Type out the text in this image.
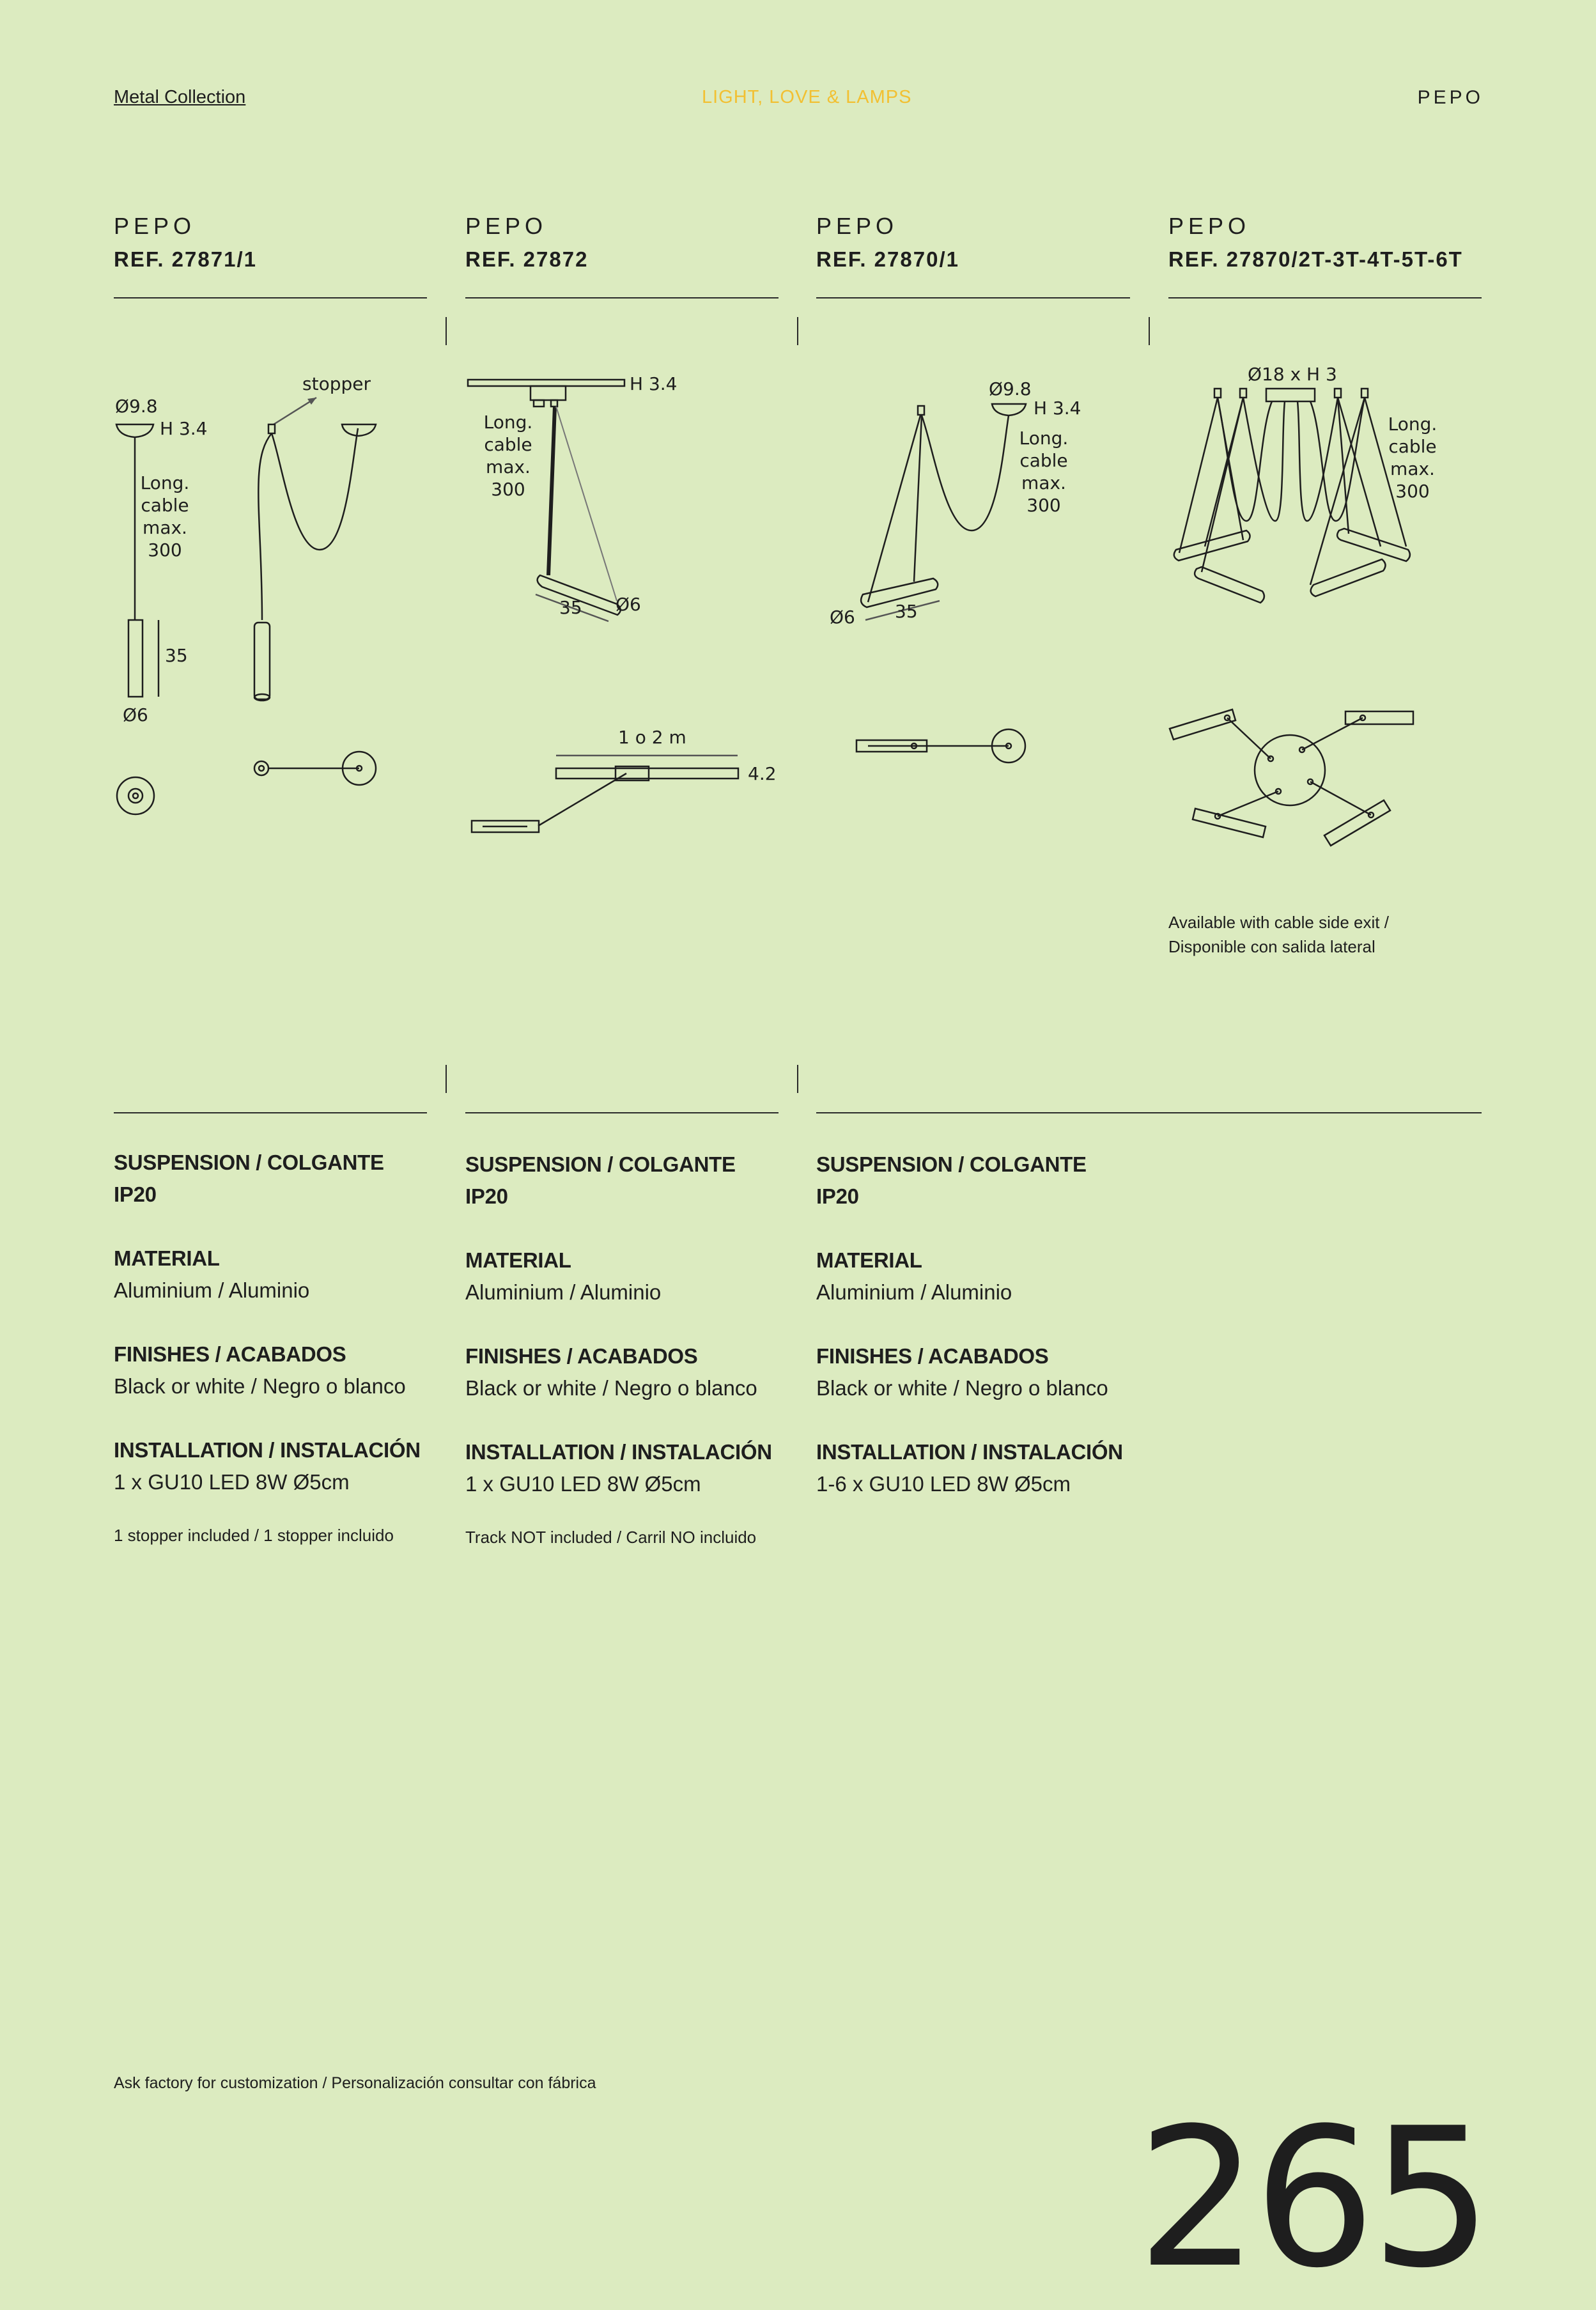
Metal Collection	LIGHT, LOVE & LAMPS	PEPO
PEPO
REF. 27871/1
PEPO
REF. 27872
PEPO
REF. 27870/1
PEPO
REF. 27870/2T-3T-4T-5T-6T
Ø9.8
H 3.4
Long.
cable
max.
300
35
Ø6
stopper	H 3.4
Long.
cable
max.
300
35 Ø6
1 o 2 m
4.2
Ø9.8
H 3.4
35
Ø6
Long.
cable
max.
300
Ø18 x H 3
Long.
cable
max.
300
Available with cable side exit /
Disponible con salida lateral
SUSPENSION / COLGANTE
IP20
MATERIAL
Aluminium / Aluminio
FINISHES / ACABADOS
Black or white / Negro o blanco
INSTALLATION / INSTALACIÓN
1 x GU10 LED 8W Ø5cm
1 stopper included / 1 stopper incluido
SUSPENSION / COLGANTE
IP20
MATERIAL
Aluminium / Aluminio
FINISHES / ACABADOS
Black or white / Negro o blanco
INSTALLATION / INSTALACIÓN
1 x GU10 LED 8W Ø5cm
Track NOT included / Carril NO incluido
SUSPENSION / COLGANTE
IP20
MATERIAL
Aluminium / Aluminio
FINISHES / ACABADOS
Black or white / Negro o blanco
INSTALLATION / INSTALACIÓN
1-6 x GU10 LED 8W Ø5cm
Ask factory for customization / Personalización consultar con fábrica
265
